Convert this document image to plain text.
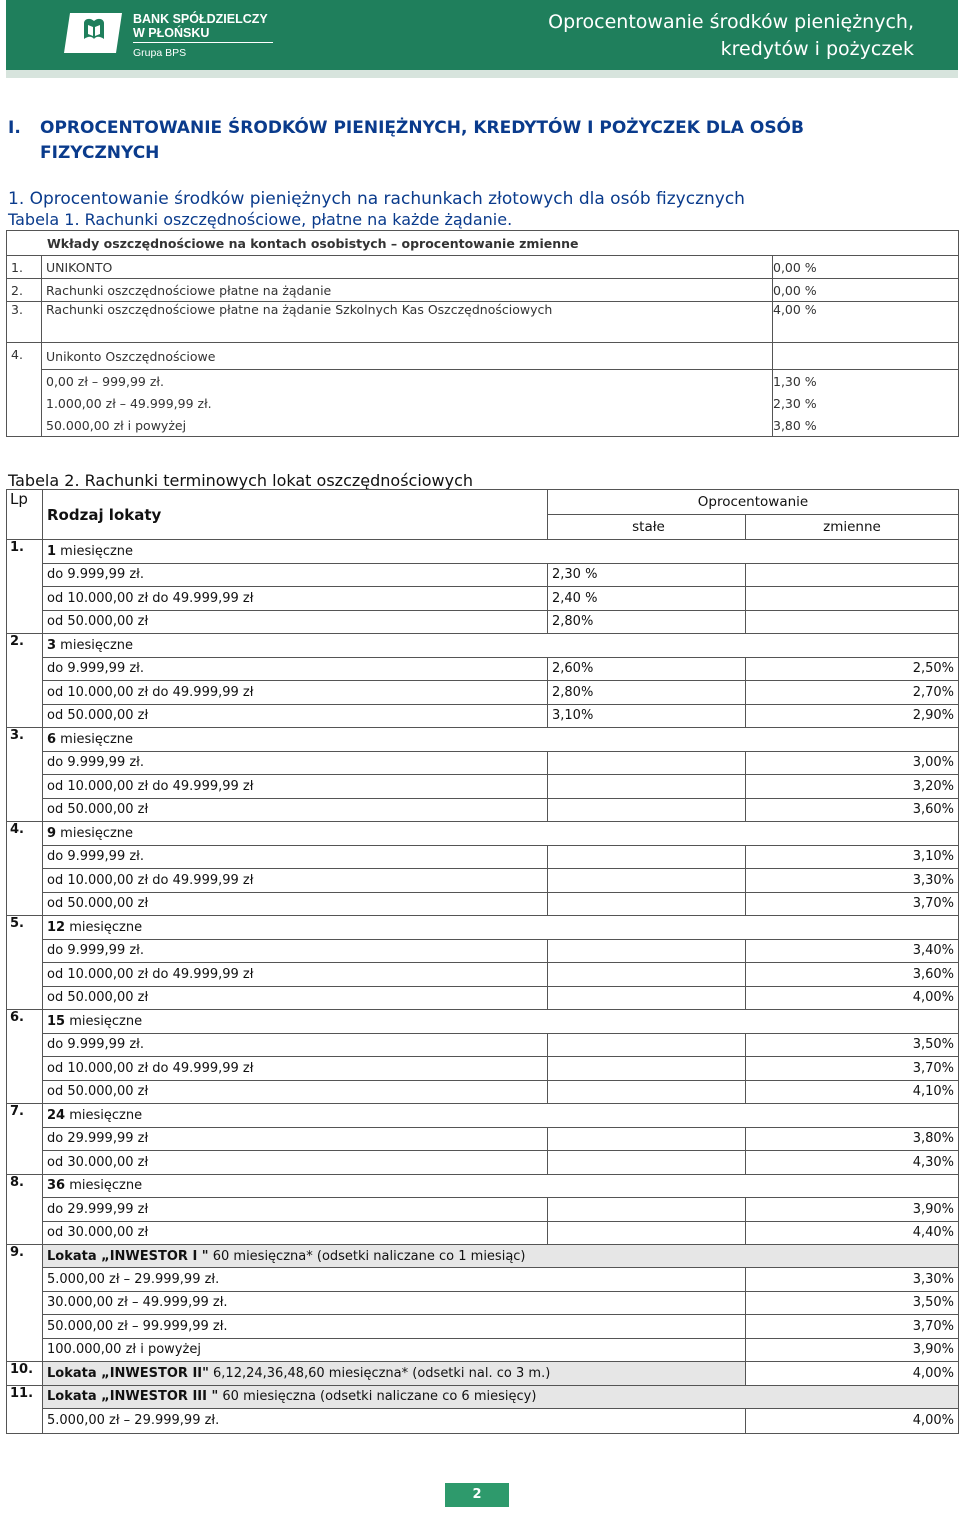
BANK SPÓŁDZIELCZY
W PŁOŃSKU
Grupa BPS
Oprocentowanie środków pieniężnych,
kredytów i pożyczek
I. OPROCENTOWANIE ŚRODKÓW PIENIĘŻNYCH, KREDYTÓW I POŻYCZEK DLA OSÓB FIZYCZNYCH
1. Oprocentowanie środków pieniężnych na rachunkach złotowych dla osób fizycznych
Tabela 1. Rachunki oszczędnościowe, płatne na każde żądanie.
Wkłady oszczędnościowe na kontach osobistych – oprocentowanie zmienne		
1.	UNIKONTO	0,00 %
2.	Rachunki oszczędnościowe płatne na żądanie	0,00 %
3.	Rachunki oszczędnościowe płatne na żądanie Szkolnych Kas Oszczędnościowych	4,00 %
4.	Unikonto Oszczędnościowe	
	0,00 zł – 999,99 zł.	1,30 %
	1.000,00 zł – 49.999,99 zł.	2,30 %
	50.000,00 zł i powyżej	3,80 %
Tabela 2. Rachunki terminowych lokat oszczędnościowych
Lp	Rodzaj lokaty	Oprocentowanie	
		stałe	zmienne
1.	1 miesięczne		
	do 9.999,99 zł.	2,30 %	
	od 10.000,00 zł do 49.999,99 zł	2,40 %	
	od 50.000,00 zł	2,80%	
2.	3 miesięczne		
	do 9.999,99 zł.	2,60%	2,50%
	od 10.000,00 zł do 49.999,99 zł	2,80%	2,70%
	od 50.000,00 zł	3,10%	2,90%
3.	6 miesięczne		
	do 9.999,99 zł.		3,00%
	od 10.000,00 zł do 49.999,99 zł		3,20%
	od 50.000,00 zł		3,60%
4.	9 miesięczne		
	do 9.999,99 zł.		3,10%
	od 10.000,00 zł do 49.999,99 zł		3,30%
	od 50.000,00 zł		3,70%
5.	12 miesięczne		
	do 9.999,99 zł.		3,40%
	od 10.000,00 zł do 49.999,99 zł		3,60%
	od 50.000,00 zł		4,00%
6.	15 miesięczne		
	do 9.999,99 zł.		3,50%
	od 10.000,00 zł do 49.999,99 zł		3,70%
	od 50.000,00 zł		4,10%
7.	24 miesięczne		
	do 29.999,99 zł		3,80%
	od 30.000,00 zł		4,30%
8.	36 miesięczne		
	do 29.999,99 zł		3,90%
	od 30.000,00 zł		4,40%
9.	Lokata „INWESTOR I " 60 miesięczna* (odsetki naliczane co 1 miesiąc)		
	5.000,00 zł – 29.999,99 zł.		3,30%
	30.000,00 zł – 49.999,99 zł.		3,50%
	50.000,00 zł – 99.999,99 zł.		3,70%
	100.000,00 zł i powyżej		3,90%
10.	Lokata „INWESTOR II" 6,12,24,36,48,60 miesięczna* (odsetki nal. co 3 m.)		4,00%
11.	Lokata „INWESTOR III " 60 miesięczna (odsetki naliczane co 6 miesięcy)		
	5.000,00 zł – 29.999,99 zł.		4,00%
2
